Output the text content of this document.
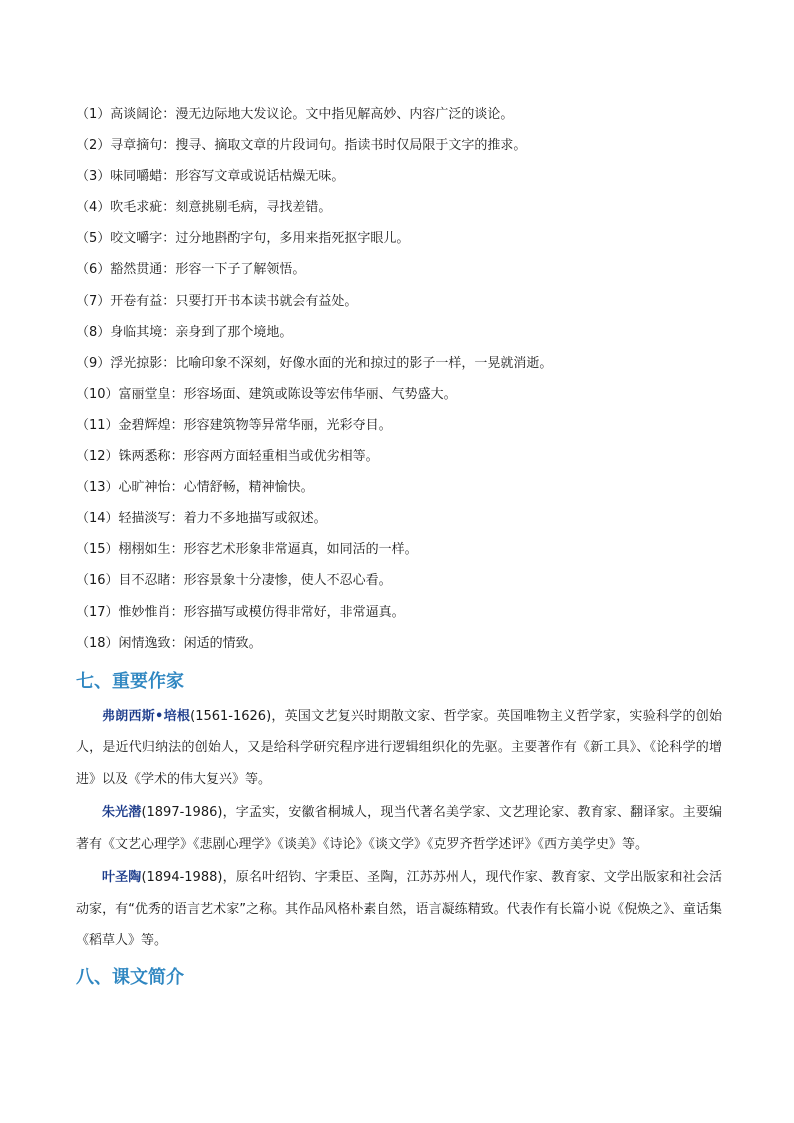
（1） 高谈阔论 ： 漫无边际地大发议论。文中指见解高妙、内容广泛的谈论。
（2） 寻章摘句 ： 搜寻、摘取文章的片段词句。指读书时仅局限于文字的推求。
（3） 味同嚼蜡 ： 形容写文章或说话枯燥无味。
（4） 吹毛求疵 ： 刻意挑剔毛病，寻找差错。
（5） 咬文嚼字 ： 过分地斟酌字句，多用来指死抠字眼儿。
（6） 豁然贯通 ： 形容一下子了解领悟。
（7） 开卷有益 ： 只要打开书本读书就会有益处。
（8） 身临其境 ： 亲身到了那个境地。
（9） 浮光掠影 ： 比喻印象不深刻，好像水面的光和掠过的影子一样，一晃就消逝。
（10） 富丽堂皇 ： 形容场面、建筑或陈设等宏伟华丽、气势盛大。
（11） 金碧辉煌 ： 形容建筑物等异常华丽，光彩夺目。
（12） 铢两悉称 ： 形容两方面轻重相当或优劣相等。
（13） 心旷神怡 ： 心情舒畅，精神愉快。
（14） 轻描淡写 ： 着力不多地描写或叙述。
（15） 栩栩如生 ： 形容艺术形象非常逼真，如同活的一样。
（16） 目不忍睹 ： 形容景象十分凄惨，使人不忍心看。
（17） 惟妙惟肖 ： 形容描写或模仿得非常好，非常逼真。
（18） 闲情逸致 ： 闲适的情致。
七、重要作家

弗朗西斯•培根(1561-1626)，英国文艺复兴时期散文家、哲学家。英国唯物主义哲学家，实验科学的创始人，是近代归纳法的创始人，又是给科学研究程序进行逻辑组织化的先驱。主要著作有《新工具》、《论科学的增进》以及《学术的伟大复兴》等。

朱光潜(1897-1986)，字孟实，安徽省桐城人，现当代著名美学家、文艺理论家、教育家、翻译家。主要编著有《文艺心理学》《悲剧心理学》《谈美》《诗论》《谈文学》《克罗齐哲学述评》《西方美学史》等。

叶圣陶(1894-1988)，原名叶绍钧、字秉臣、圣陶，江苏苏州人，现代作家、教育家、文学出版家和社会活动家，有“优秀的语言艺术家”之称。其作品风格朴素自然，语言凝练精致。代表作有长篇小说《倪焕之》、童话集《稻草人》等。

八、课文简介
